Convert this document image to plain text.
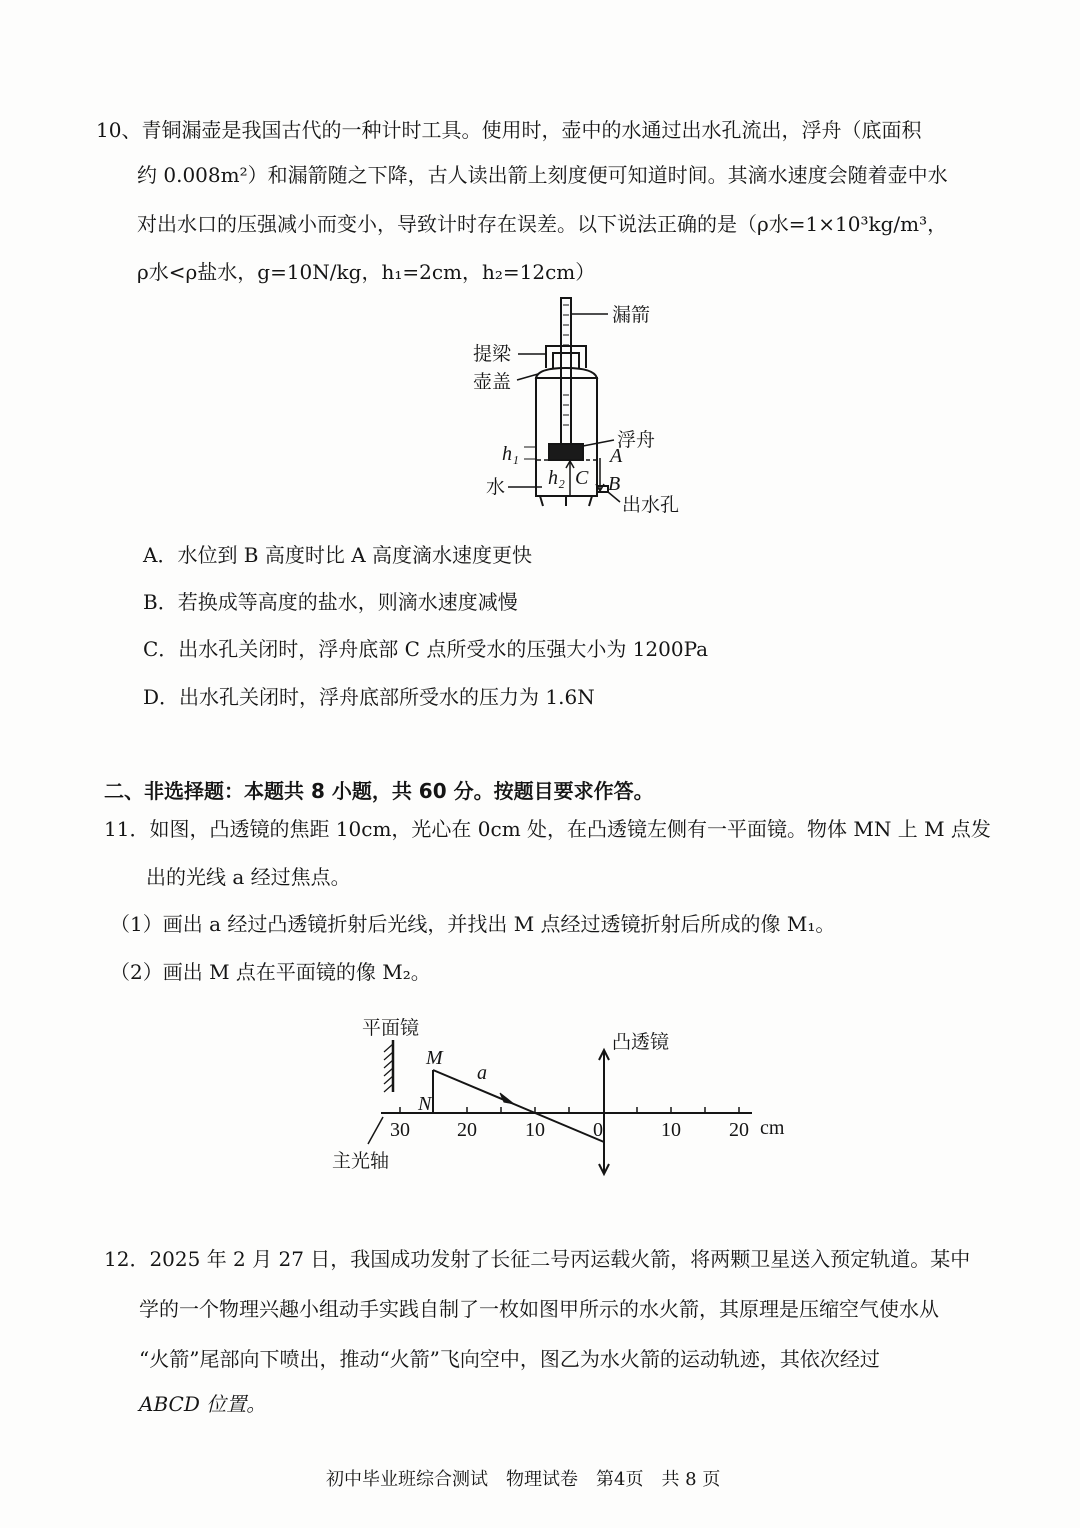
10、青铜漏壶是我国古代的一种计时工具。使用时，壶中的水通过出水孔流出，浮舟（底面积
约 0.008m²）和漏箭随之下降，古人读出箭上刻度便可知道时间。其滴水速度会随着壶中水
对出水口的压强减小而变小，导致计时存在误差。以下说法正确的是（ρ水=1×10³kg/m³，
ρ水<ρ盐水，g=10N/kg，h₁=2cm，h₂=12cm）
漏箭
提梁
壶盖
浮舟
水
出水孔
h₁
h₂
A
B
C
A．水位到 B 高度时比 A 高度滴水速度更快
B．若换成等高度的盐水，则滴水速度减慢
C．出水孔关闭时，浮舟底部 C 点所受水的压强大小为 1200Pa
D．出水孔关闭时，浮舟底部所受水的压力为 1.6N
二、非选择题：本题共 8 小题，共 60 分。按题目要求作答。
11．如图，凸透镜的焦距 10cm，光心在 0cm 处，在凸透镜左侧有一平面镜。物体 MN 上 M 点发
出的光线 a 经过焦点。
（1）画出 a 经过凸透镜折射后光线，并找出 M 点经过透镜折射后所成的像 M₁。
（2）画出 M 点在平面镜的像 M₂。
平面镜
凸透镜
主光轴
M
N
a
30 20 10 0	10 20 cm
12．2025 年 2 月 27 日，我国成功发射了长征二号丙运载火箭，将两颗卫星送入预定轨道。某中
学的一个物理兴趣小组动手实践自制了一枚如图甲所示的水火箭，其原理是压缩空气使水从
“火箭”尾部向下喷出，推动“火箭”飞向空中，图乙为水火箭的运动轨迹，其依次经过
ABCD 位置。
初中毕业班综合测试　物理试卷　第4页　共 8 页
